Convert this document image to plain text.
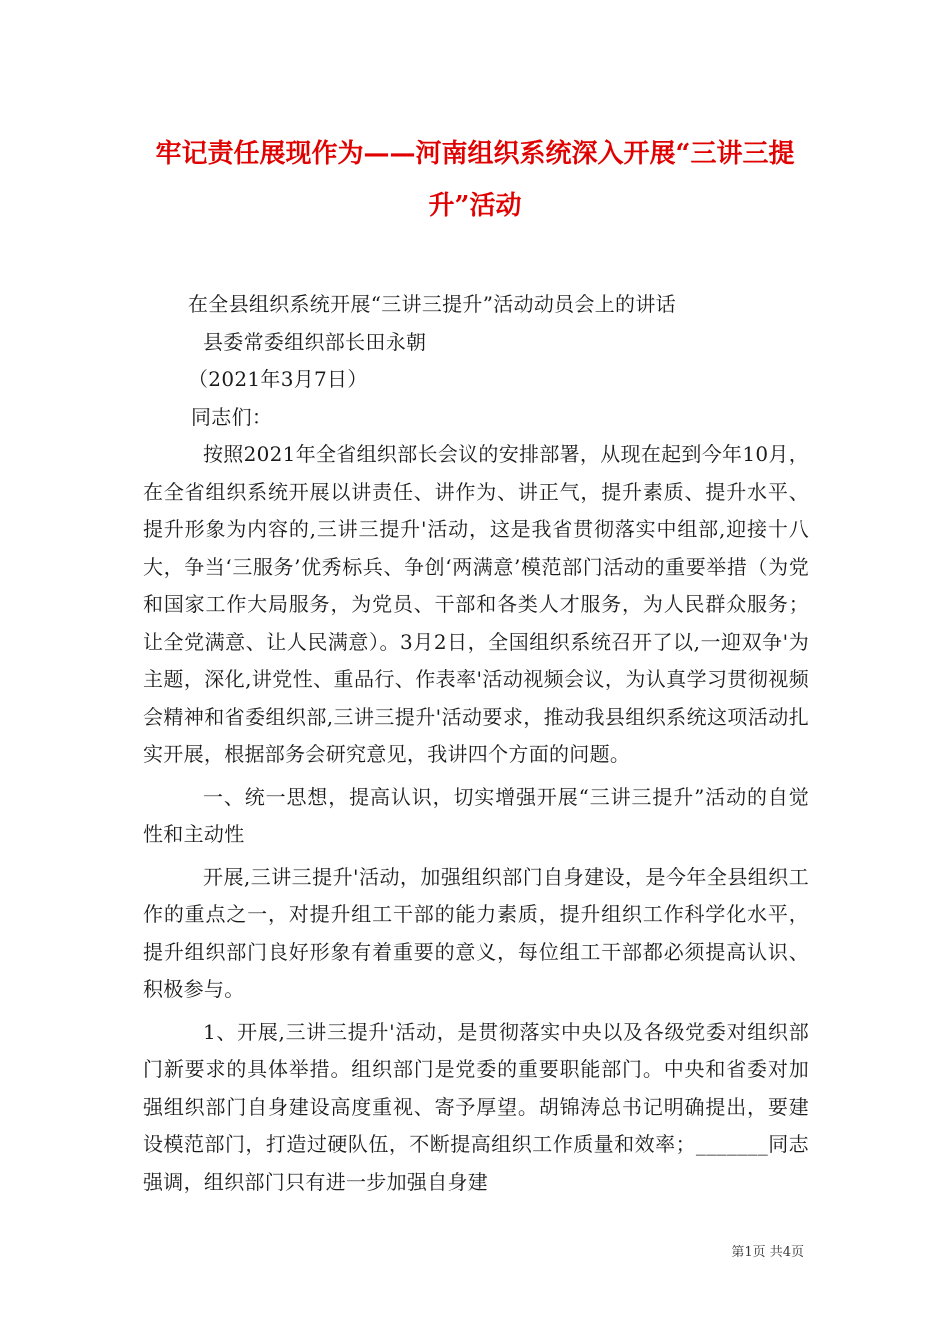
牢记责任展现作为——河南组织系统深入开展“三讲三提升”活动

在全县组织系统开展“三讲三提升”活动动员会上的讲话

县委常委组织部长田永朝

（2021年3月7日）

同志们：

按照2021年全省组织部长会议的安排部署，从现在起到今年10月，在全省组织系统开展以讲责任、讲作为、讲正气，提升素质、提升水平、提升形象为内容的,三讲三提升'活动，这是我省贯彻落实中组部,迎接十八大，争当‘三服务’优秀标兵、争创‘两满意’模范部门活动的重要举措（为党和国家工作大局服务，为党员、干部和各类人才服务，为人民群众服务；让全党满意、让人民满意）。3月2日，全国组织系统召开了以,一迎双争'为主题，深化,讲党性、重品行、作表率'活动视频会议，为认真学习贯彻视频会精神和省委组织部,三讲三提升'活动要求，推动我县组织系统这项活动扎实开展，根据部务会研究意见，我讲四个方面的问题。

一、统一思想，提高认识，切实增强开展“三讲三提升”活动的自觉性和主动性

开展,三讲三提升'活动，加强组织部门自身建设，是今年全县组织工作的重点之一，对提升组工干部的能力素质，提升组织工作科学化水平，提升组织部门良好形象有着重要的意义，每位组工干部都必须提高认识、积极参与。

1、开展,三讲三提升'活动，是贯彻落实中央以及各级党委对组织部门新要求的具体举措。组织部门是党委的重要职能部门。中央和省委对加强组织部门自身建设高度重视、寄予厚望。胡锦涛总书记明确提出，要建设模范部门，打造过硬队伍，不断提高组织工作质量和效率；_______同志强调，组织部门只有进一步加强自身建

第1页 共4页
